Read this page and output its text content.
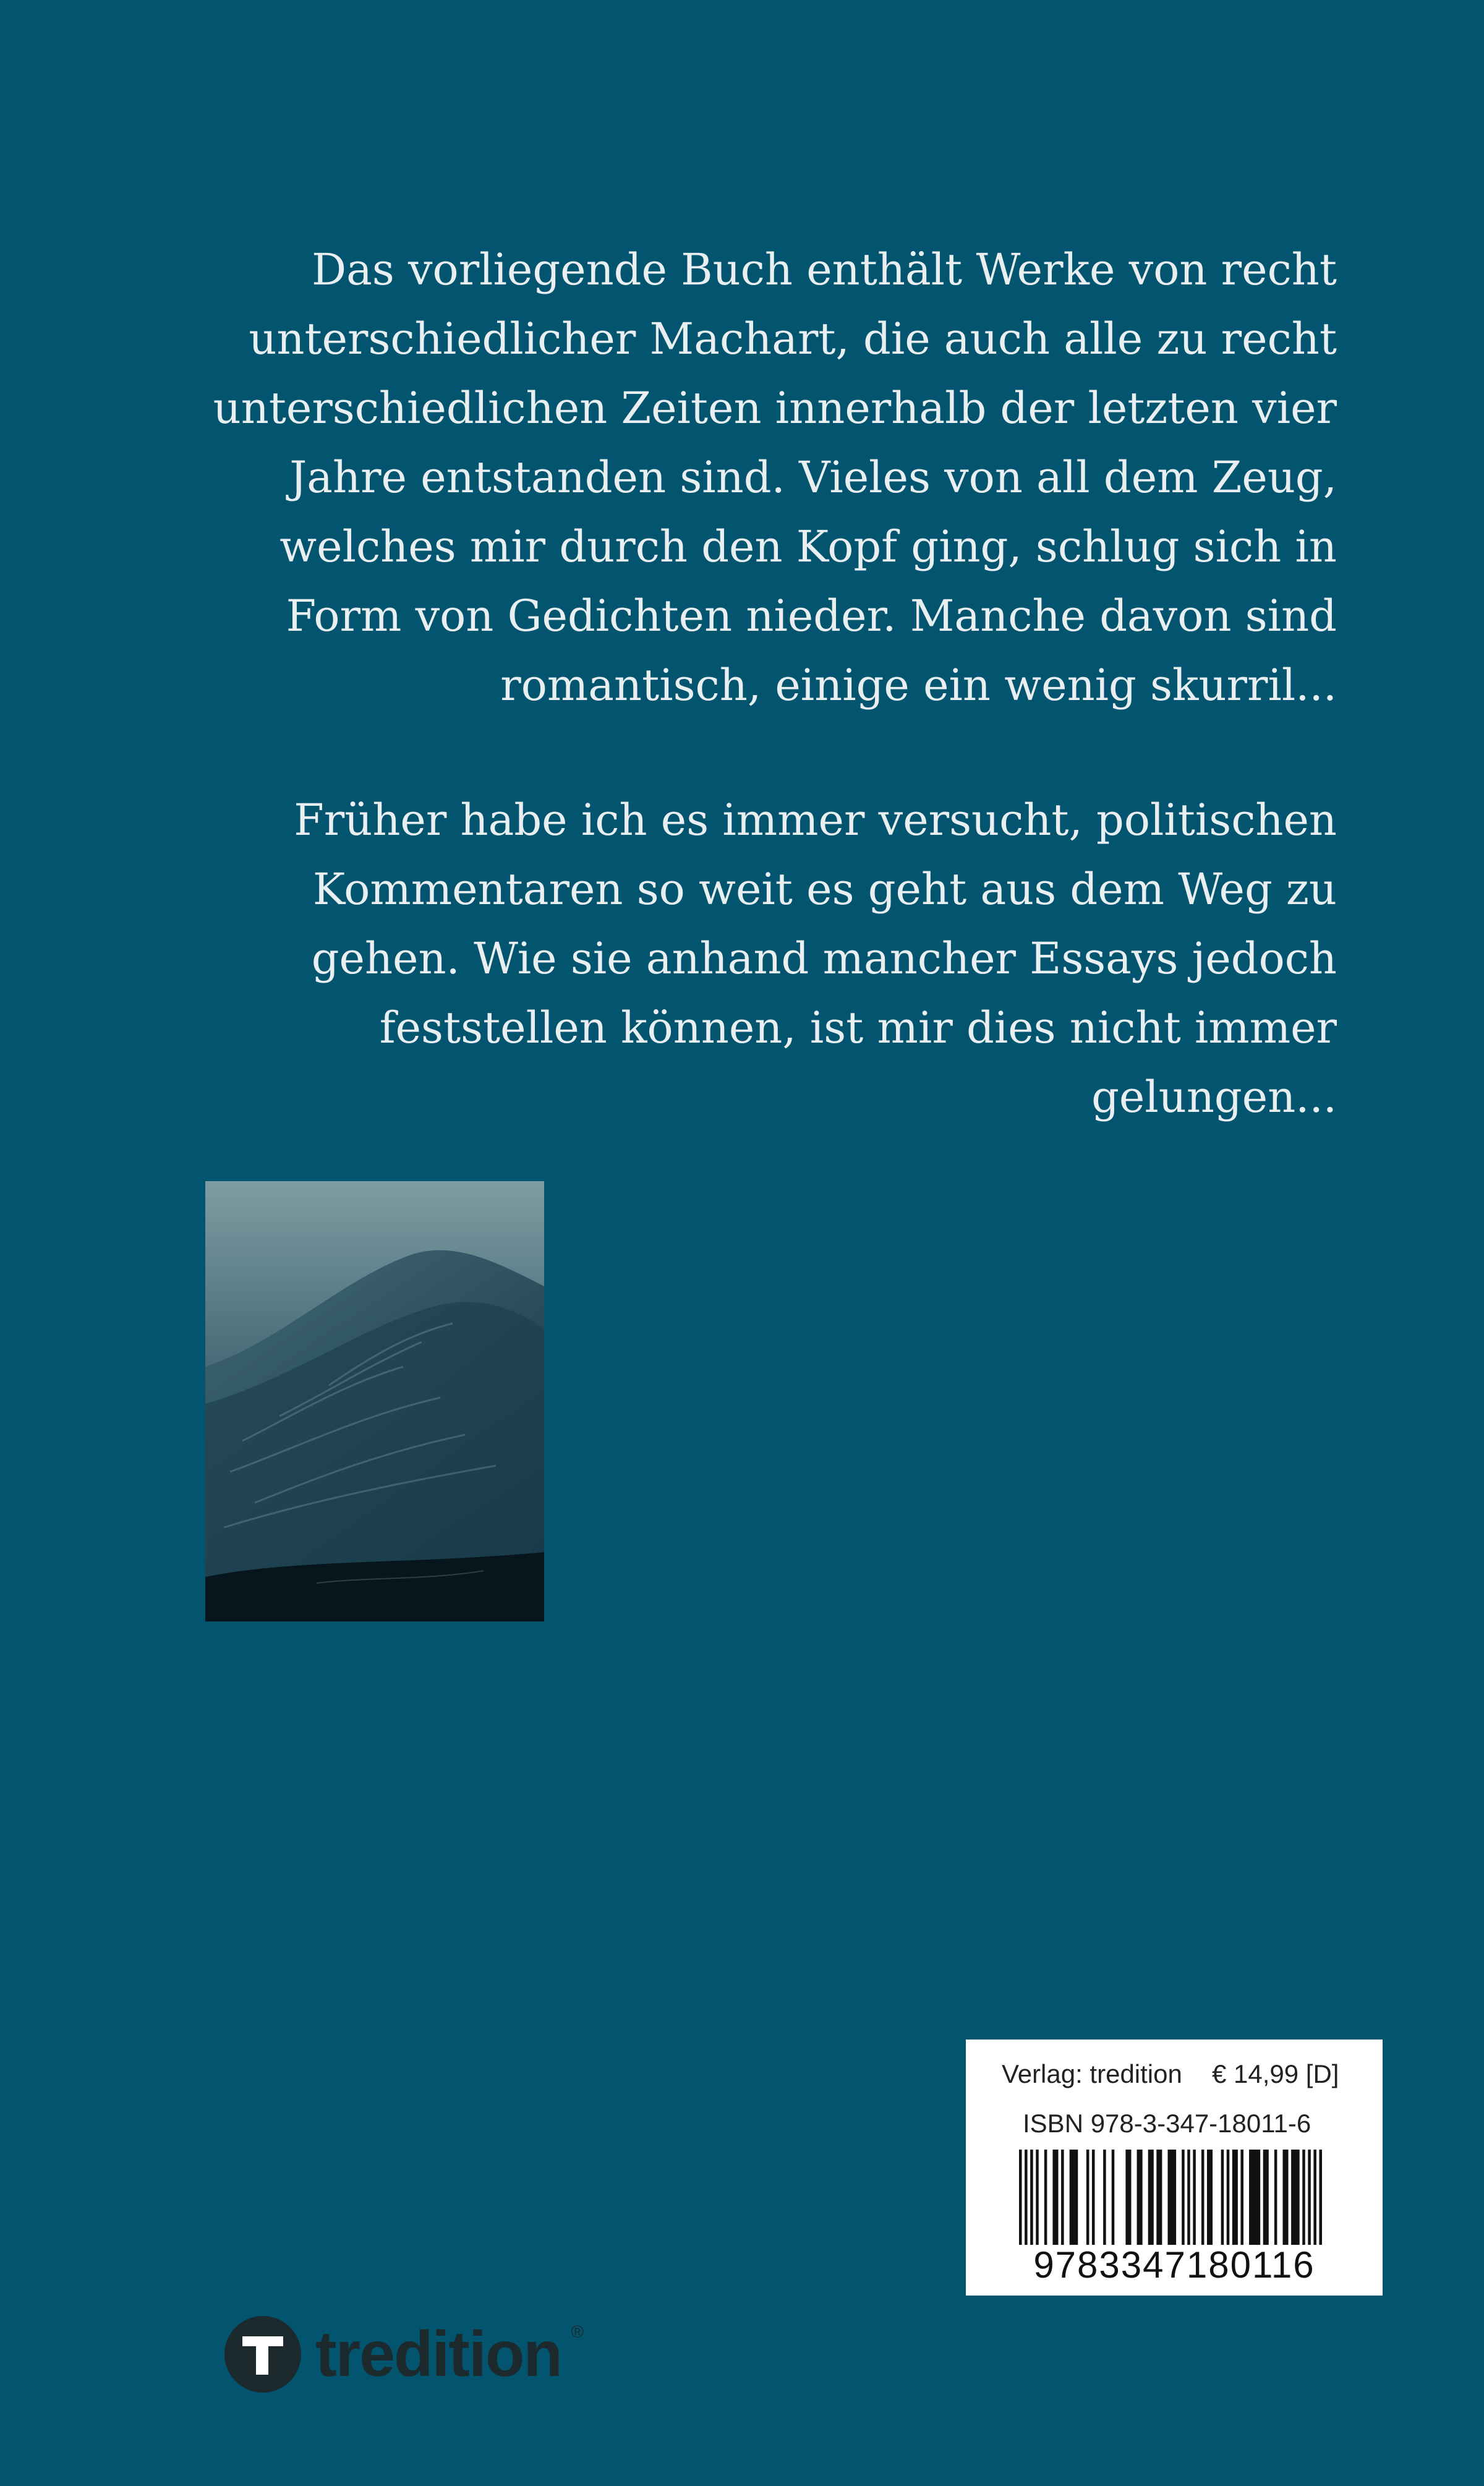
Das vorliegende Buch enthält Werke von recht
unterschiedlicher Machart, die auch alle zu recht
unterschiedlichen Zeiten innerhalb der letzten vier
Jahre entstanden sind. Vieles von all dem Zeug,
welches mir durch den Kopf ging, schlug sich in
Form von Gedichten nieder. Manche davon sind
romantisch, einige ein wenig skurril...
Früher habe ich es immer versucht, politischen
Kommentaren so weit es geht aus dem Weg zu
gehen. Wie sie anhand mancher Essays jedoch
feststellen können, ist mir dies nicht immer
gelungen...
Verlag: tredition € 14,99 [D]
ISBN 978-3-347-18011-6
9783347180116
tredition ®
